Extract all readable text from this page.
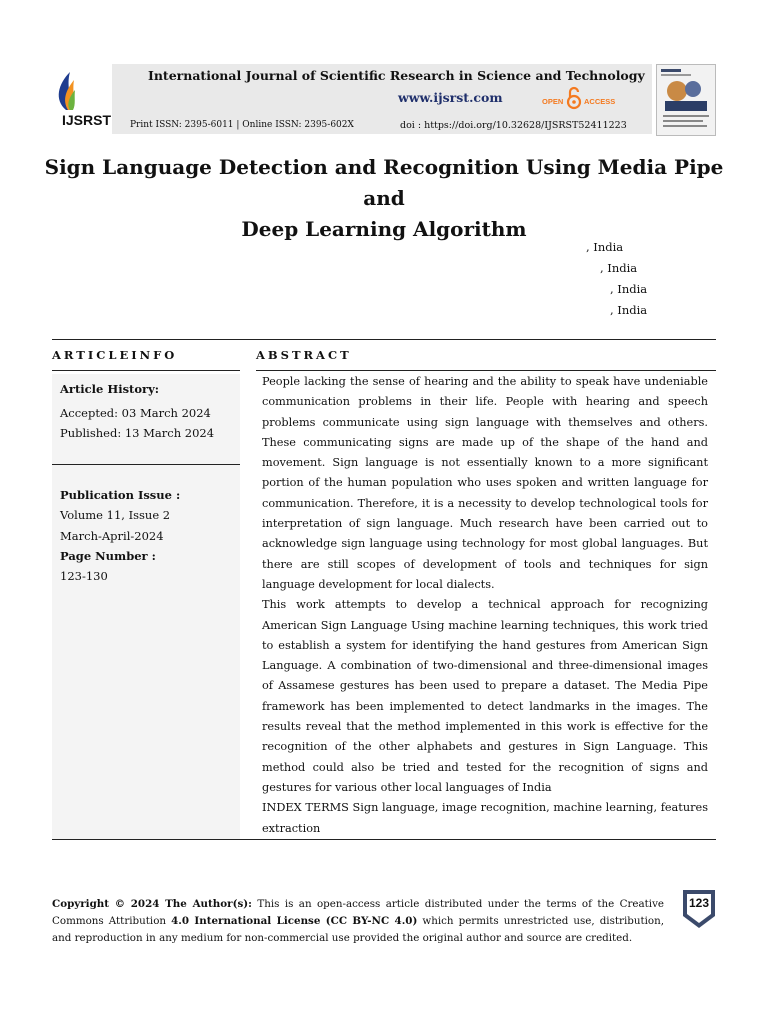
IJSRST
International Journal of Scientific Research in Science and Technology
www.ijsrst.com	OPEN	ACCESS
Print ISSN: 2395-6011 | Online ISSN: 2395-602X	doi : https://doi.org/10.32628/IJSRST52411223
Sign Language Detection and Recognition Using Media Pipe and
Deep Learning Algorithm
, India
, India
, India
, India
ARTICLEINFO	ABSTRACT
Article History:
Accepted: 03 March 2024
Published: 13 March 2024
Publication Issue :
Volume 11, Issue 2
March-April-2024
Page Number :
123-130

People lacking the sense of hearing and the ability to speak have undeniable communication problems in their life. People with hearing and speech problems communicate using sign language with themselves and others. These communicating signs are made up of the shape of the hand and movement. Sign language is not essentially known to a more significant portion of the human population who uses spoken and written language for communication. Therefore, it is a necessity to develop technological tools for interpretation of sign language. Much research have been carried out to acknowledge sign language using technology for most global languages. But there are still scopes of development of tools and techniques for sign language development for local dialects.

This work attempts to develop a technical approach for recognizing American Sign Language Using machine learning techniques, this work tried to establish a system for identifying the hand gestures from American Sign Language. A combination of two-dimensional and three-dimensional images of Assamese gestures has been used to prepare a dataset. The Media Pipe framework has been implemented to detect landmarks in the images. The results reveal that the method implemented in this work is effective for the recognition of the other alphabets and gestures in Sign Language. This method could also be tried and tested for the recognition of signs and gestures for various other local languages of India

INDEX TERMS Sign language, image recognition, machine learning, features extraction

Copyright © 2024 The Author(s): This is an open-access article distributed under the terms of the Creative Commons Attribution 4.0 International License (CC BY-NC 4.0) which permits unrestricted use, distribution, and reproduction in any medium for non-commercial use provided the original author and source are credited.
123
